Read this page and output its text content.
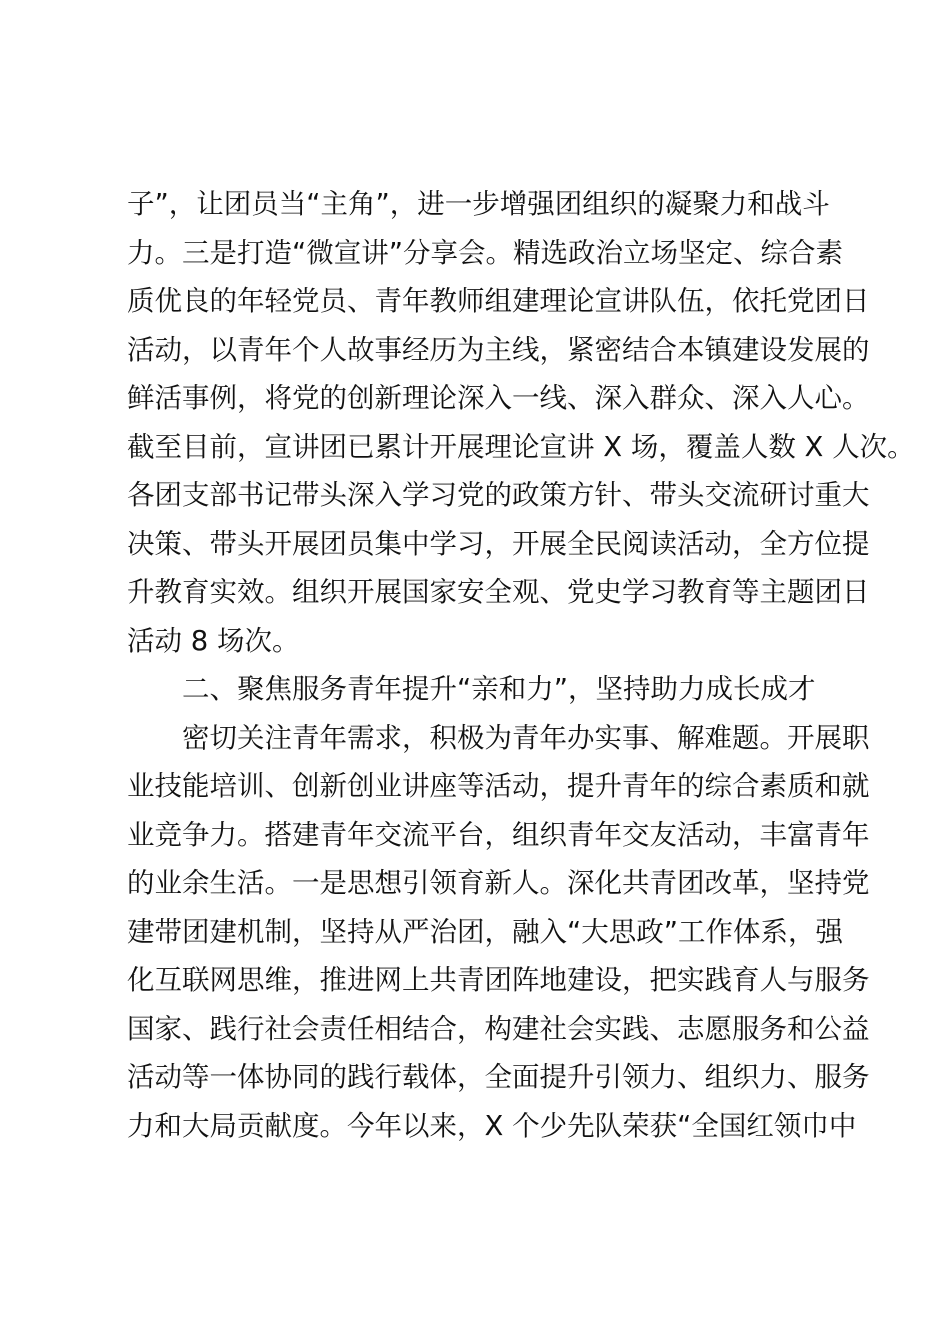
子”，让团员当“主角”，进一步增强团组织的凝聚力和战斗
力。三是打造“微宣讲”分享会。精选政治立场坚定、综合素
质优良的年轻党员、青年教师组建理论宣讲队伍，依托党团日
活动，以青年个人故事经历为主线，紧密结合本镇建设发展的
鲜活事例，将党的创新理论深入一线、深入群众、深入人心。
截至目前，宣讲团已累计开展理论宣讲 X 场，覆盖人数 X 人次。
各团支部书记带头深入学习党的政策方针、带头交流研讨重大
决策、带头开展团员集中学习，开展全民阅读活动，全方位提
升教育实效。组织开展国家安全观、党史学习教育等主题团日
活动 8 场次。
二、聚焦服务青年提升“亲和力”，坚持助力成长成才
密切关注青年需求，积极为青年办实事、解难题。开展职
业技能培训、创新创业讲座等活动，提升青年的综合素质和就
业竞争力。搭建青年交流平台，组织青年交友活动，丰富青年
的业余生活。一是思想引领育新人。深化共青团改革，坚持党
建带团建机制，坚持从严治团，融入“大思政”工作体系，强
化互联网思维，推进网上共青团阵地建设，把实践育人与服务
国家、践行社会责任相结合，构建社会实践、志愿服务和公益
活动等一体协同的践行载体，全面提升引领力、组织力、服务
力和大局贡献度。今年以来，X 个少先队荣获“全国红领巾中
